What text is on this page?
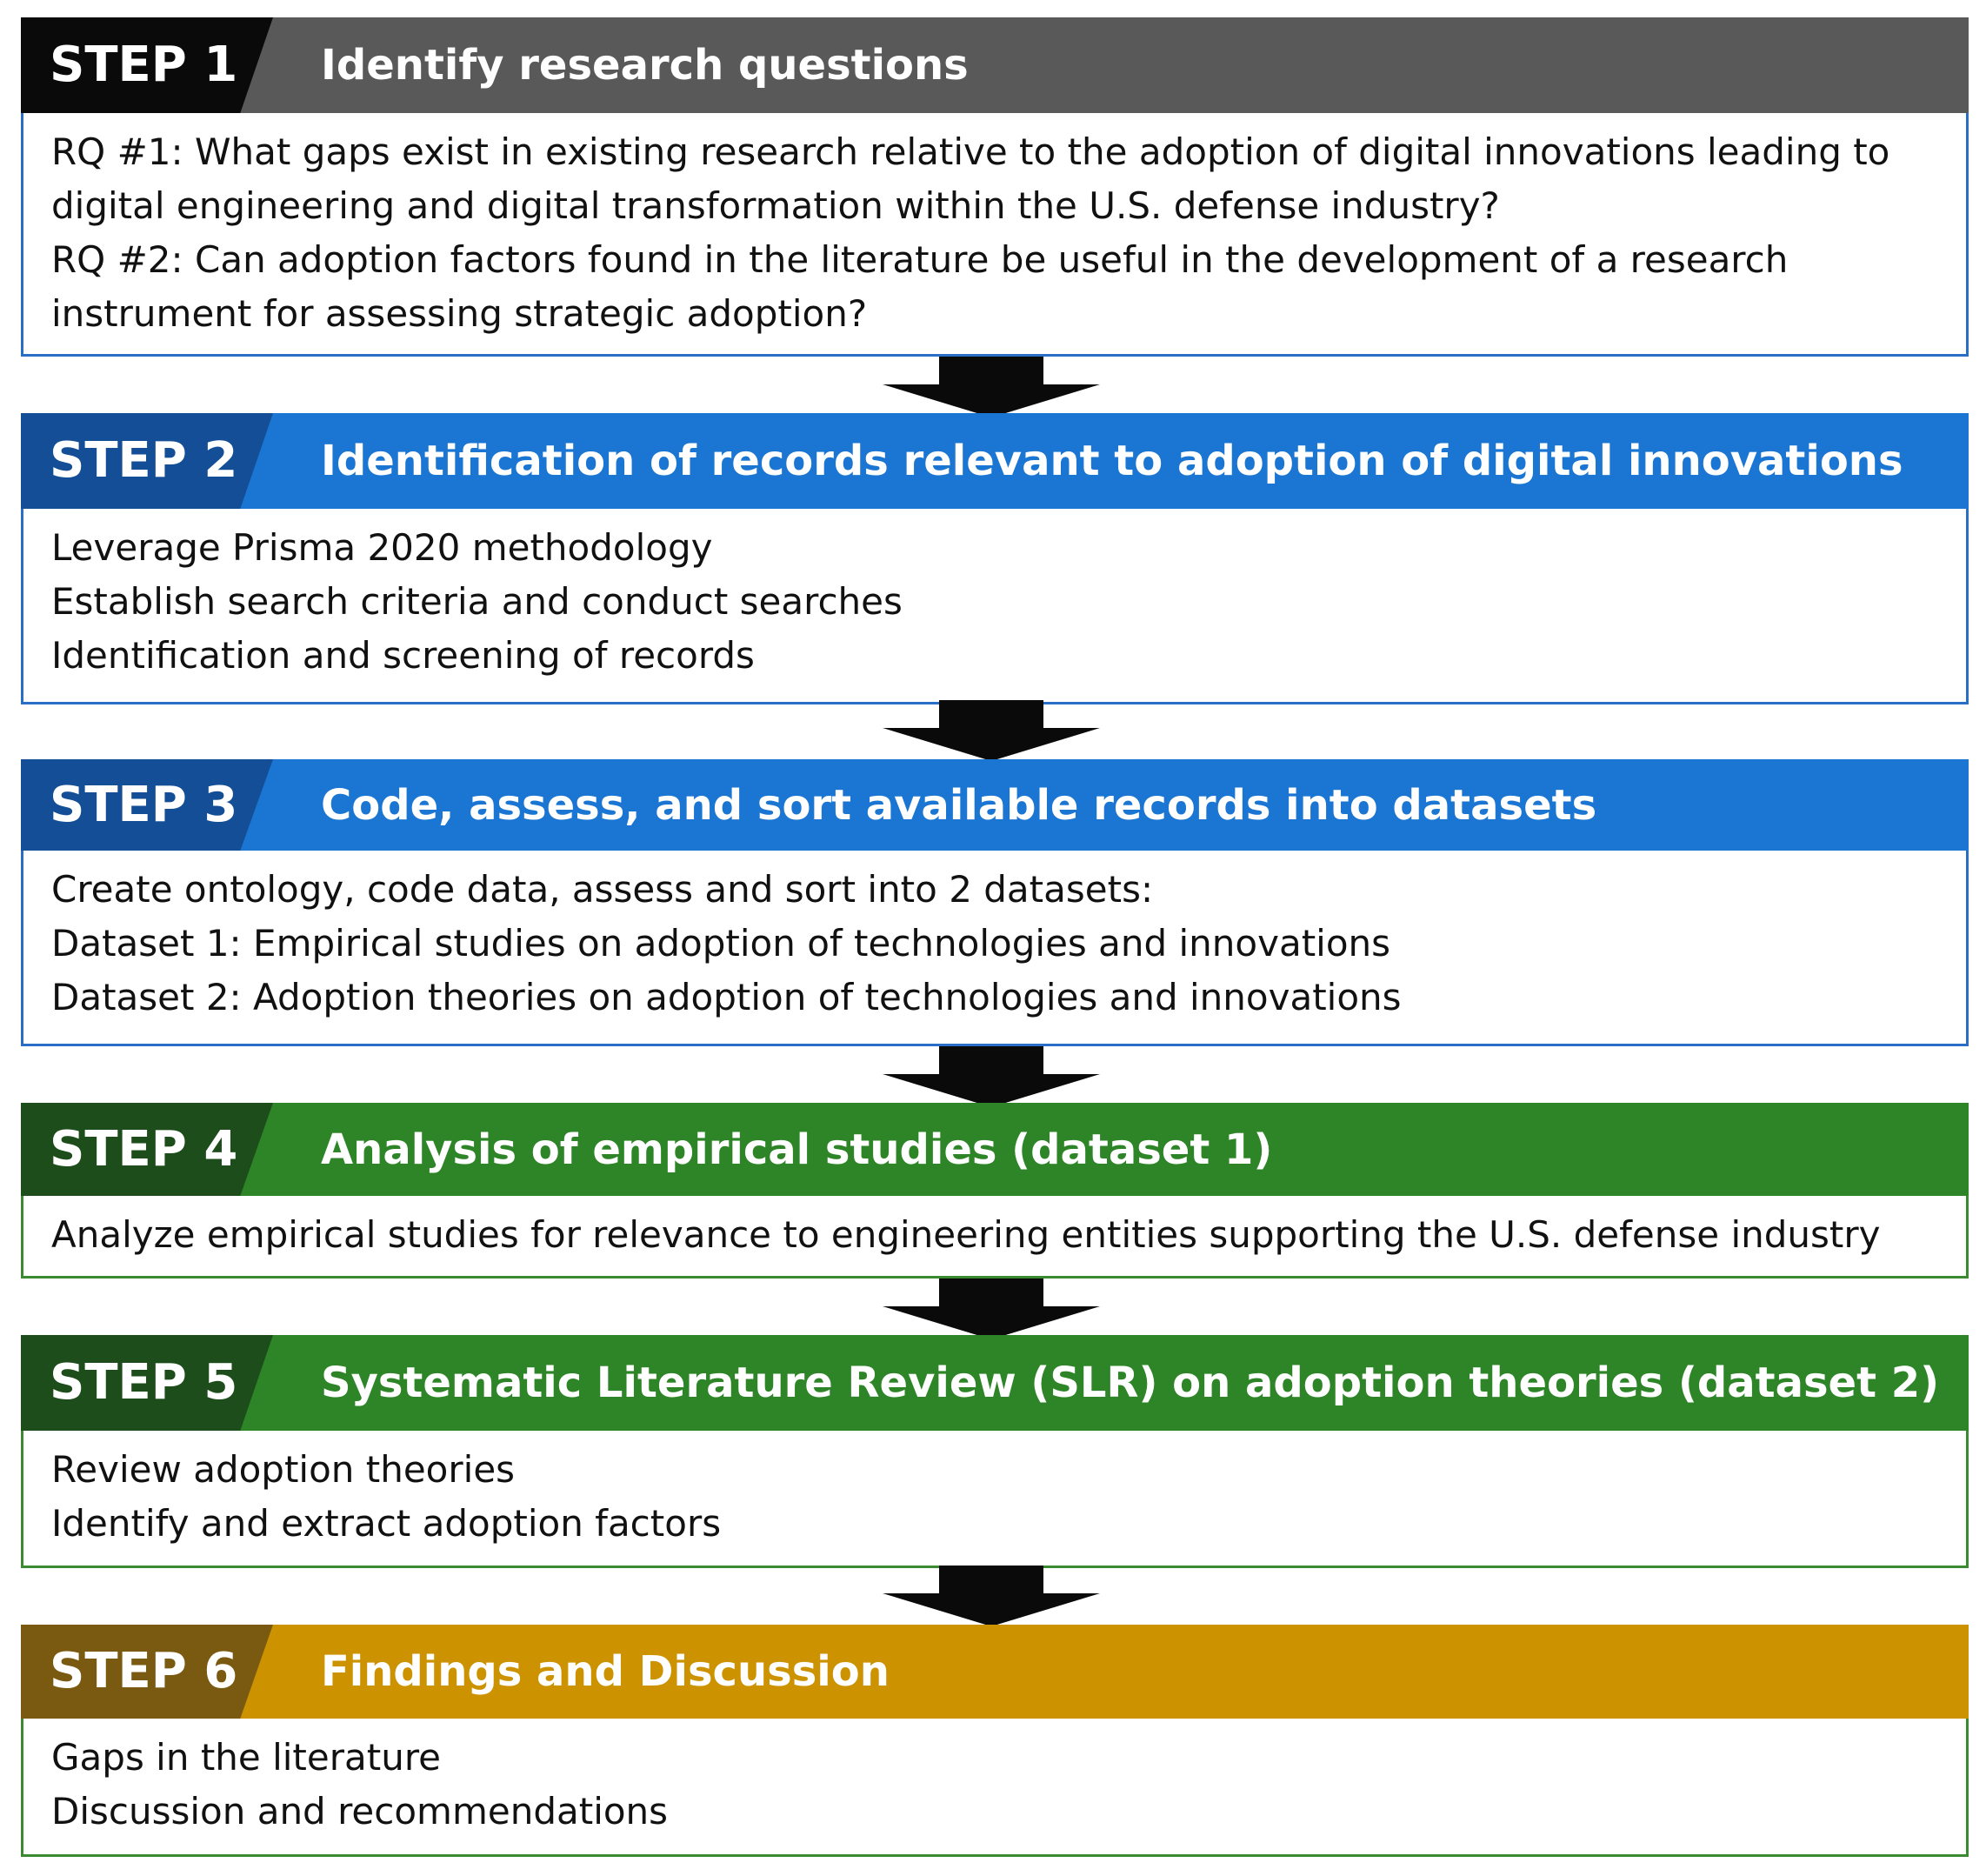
STEP 1 Identify research questions
RQ #1: What gaps exist in existing research relative to the adoption of digital innovations leading to
digital engineering and digital transformation within the U.S. defense industry?
RQ #2: Can adoption factors found in the literature be useful in the development of a research
instrument for assessing strategic adoption?
STEP 2 Identification of records relevant to adoption of digital innovations
Leverage Prisma 2020 methodology
Establish search criteria and conduct searches
Identification and screening of records
STEP 3 Code, assess, and sort available records into datasets
Create ontology, code data, assess and sort into 2 datasets:
Dataset 1: Empirical studies on adoption of technologies and innovations
Dataset 2: Adoption theories on adoption of technologies and innovations
STEP 4 Analysis of empirical studies (dataset 1)
Analyze empirical studies for relevance to engineering entities supporting the U.S. defense industry
STEP 5 Systematic Literature Review (SLR) on adoption theories (dataset 2)
Review adoption theories
Identify and extract adoption factors
STEP 6 Findings and Discussion
Gaps in the literature
Discussion and recommendations
